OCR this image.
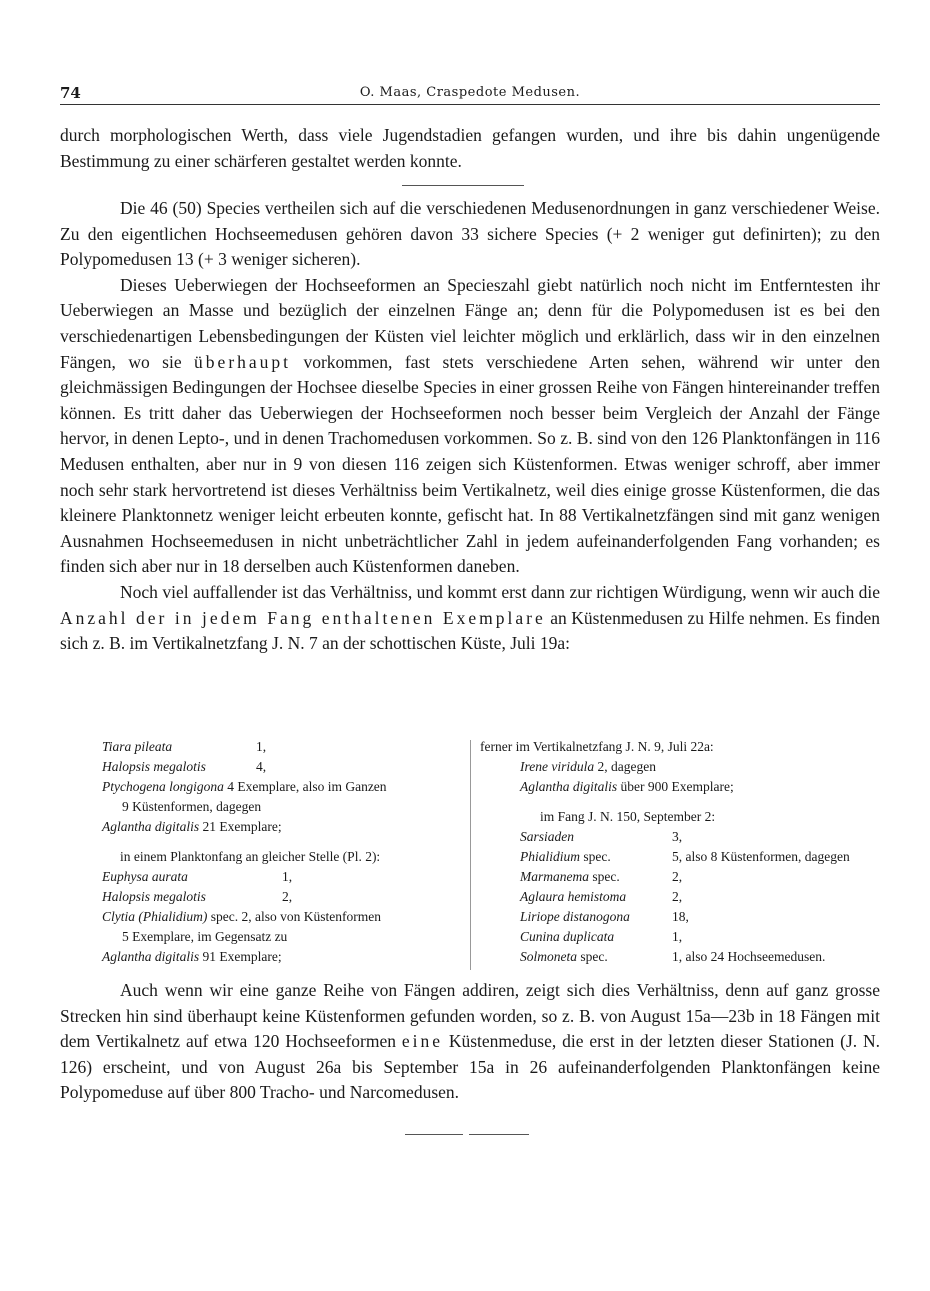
74	O. Maas, Craspedote Medusen.

durch morphologischen Werth, dass viele Jugendstadien gefangen wurden, und ihre bis dahin ungenügende Bestimmung zu einer schärferen gestaltet werden konnte.

Die 46 (50) Species vertheilen sich auf die verschiedenen Medusenordnungen in ganz verschiedener Weise. Zu den eigentlichen Hochseemedusen gehören davon 33 sichere Species (+ 2 weniger gut definirten); zu den Polypomedusen 13 (+ 3 weniger sicheren).

Dieses Ueberwiegen der Hochseeformen an Specieszahl giebt natürlich noch nicht im Entferntesten ihr Ueberwiegen an Masse und bezüglich der einzelnen Fänge an; denn für die Polypomedusen ist es bei den verschiedenartigen Lebensbedingungen der Küsten viel leichter möglich und erklärlich, dass wir in den einzelnen Fängen, wo sie überhaupt vorkommen, fast stets verschiedene Arten sehen, während wir unter den gleichmässigen Bedingungen der Hochsee dieselbe Species in einer grossen Reihe von Fängen hintereinander treffen können. Es tritt daher das Ueberwiegen der Hochseeformen noch besser beim Vergleich der Anzahl der Fänge hervor, in denen Lepto-, und in denen Trachomedusen vorkommen. So z. B. sind von den 126 Planktonfängen in 116 Medusen enthalten, aber nur in 9 von diesen 116 zeigen sich Küstenformen. Etwas weniger schroff, aber immer noch sehr stark hervortretend ist dieses Verhältniss beim Vertikalnetz, weil dies einige grosse Küstenformen, die das kleinere Planktonnetz weniger leicht erbeuten konnte, gefischt hat. In 88 Vertikalnetzfängen sind mit ganz wenigen Ausnahmen Hochseemedusen in nicht unbeträchtlicher Zahl in jedem aufeinanderfolgenden Fang vorhanden; es finden sich aber nur in 18 derselben auch Küstenformen daneben.

Noch viel auffallender ist das Verhältniss, und kommt erst dann zur richtigen Würdigung, wenn wir auch die Anzahl der in jedem Fang enthaltenen Exemplare an Küstenmedusen zu Hilfe nehmen. Es finden sich z. B. im Vertikalnetzfang J. N. 7 an der schottischen Küste, Juli 19a:

Tiara pileata	1,
Halopsis megalotis	4,
Ptychogena longigona 4 Exemplare, also im Ganzen
9 Küstenformen, dagegen
Aglantha digitalis 21 Exemplare;
in einem Planktonfang an gleicher Stelle (Pl. 2):
Euphysa aurata	1,
Halopsis megalotis	2,
Clytia (Phialidium) spec. 2, also von Küstenformen
5 Exemplare, im Gegensatz zu
Aglantha digitalis 91 Exemplare;
ferner im Vertikalnetzfang J. N. 9, Juli 22a:
Irene viridula 2, dagegen
Aglantha digitalis über 900 Exemplare;
im Fang J. N. 150, September 2:
Sarsiaden	3,
Phialidium spec.	5, also 8 Küstenformen, dagegen
Marmanema spec.	2,
Aglaura hemistoma	2,
Liriope distanogona	18,
Cunina duplicata	1,
Solmoneta spec.	1, also 24 Hochseemedusen.

Auch wenn wir eine ganze Reihe von Fängen addiren, zeigt sich dies Verhältniss, denn auf ganz grosse Strecken hin sind überhaupt keine Küstenformen gefunden worden, so z. B. von August 15a—23b in 18 Fängen mit dem Vertikalnetz auf etwa 120 Hochseeformen eine Küstenmeduse, die erst in der letzten dieser Stationen (J. N. 126) erscheint, und von August 26a bis September 15a in 26 aufeinanderfolgenden Planktonfängen keine Polypomeduse auf über 800 Tracho- und Narcomedusen.
